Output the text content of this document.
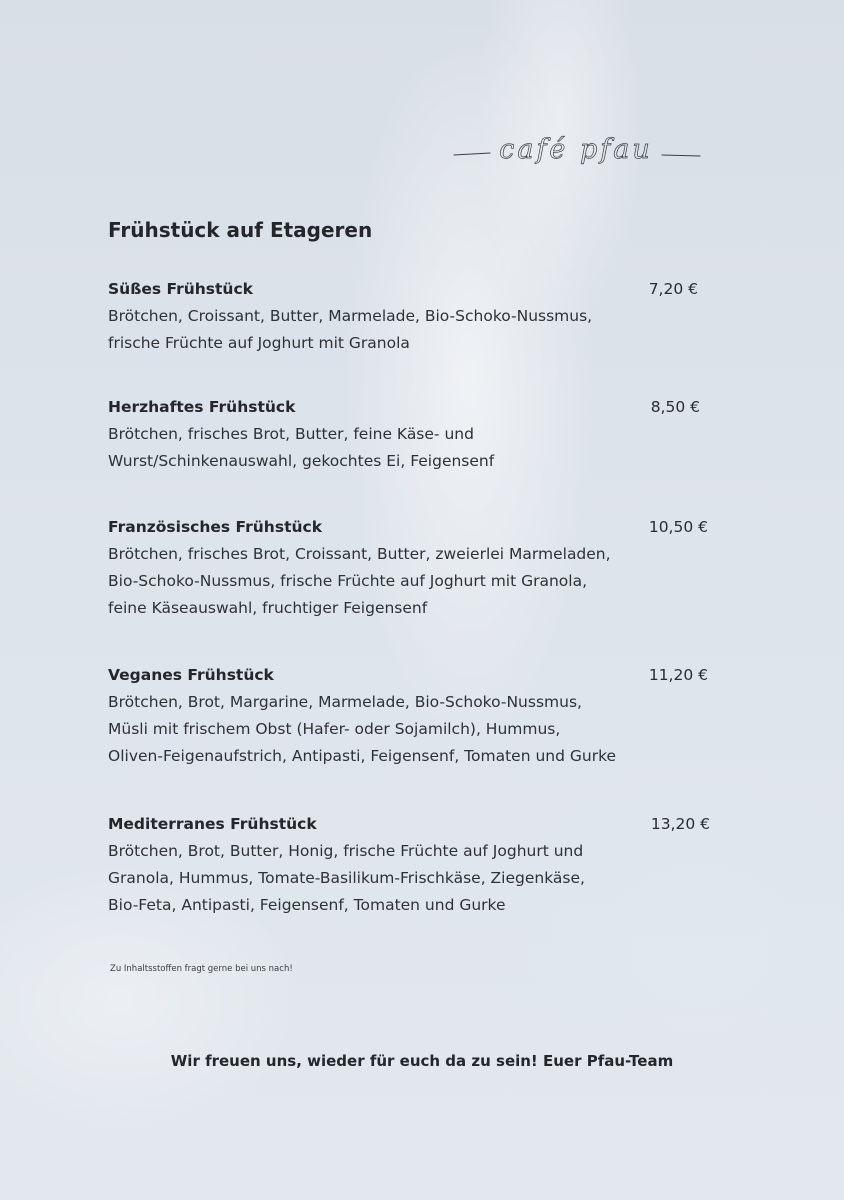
café pfau
Frühstück auf Etageren
Süßes Frühstück	7,20 €
Brötchen, Croissant, Butter, Marmelade, Bio-Schoko-Nussmus,
frische Früchte auf Joghurt mit Granola
Herzhaftes Frühstück	8,50 €
Brötchen, frisches Brot, Butter, feine Käse- und
Wurst/Schinkenauswahl, gekochtes Ei, Feigensenf
Französisches Frühstück	10,50 €
Brötchen, frisches Brot, Croissant, Butter, zweierlei Marmeladen,
Bio-Schoko-Nussmus, frische Früchte auf Joghurt mit Granola,
feine Käseauswahl, fruchtiger Feigensenf
Veganes Frühstück	11,20 €
Brötchen, Brot, Margarine, Marmelade, Bio-Schoko-Nussmus,
Müsli mit frischem Obst (Hafer- oder Sojamilch), Hummus,
Oliven-Feigenaufstrich, Antipasti, Feigensenf, Tomaten und Gurke
Mediterranes Frühstück	13,20 €
Brötchen, Brot, Butter, Honig, frische Früchte auf Joghurt und
Granola, Hummus, Tomate-Basilikum-Frischkäse, Ziegenkäse,
Bio-Feta, Antipasti, Feigensenf, Tomaten und Gurke
Zu Inhaltsstoffen fragt gerne bei uns nach!
Wir freuen uns, wieder für euch da zu sein! Euer Pfau-Team
